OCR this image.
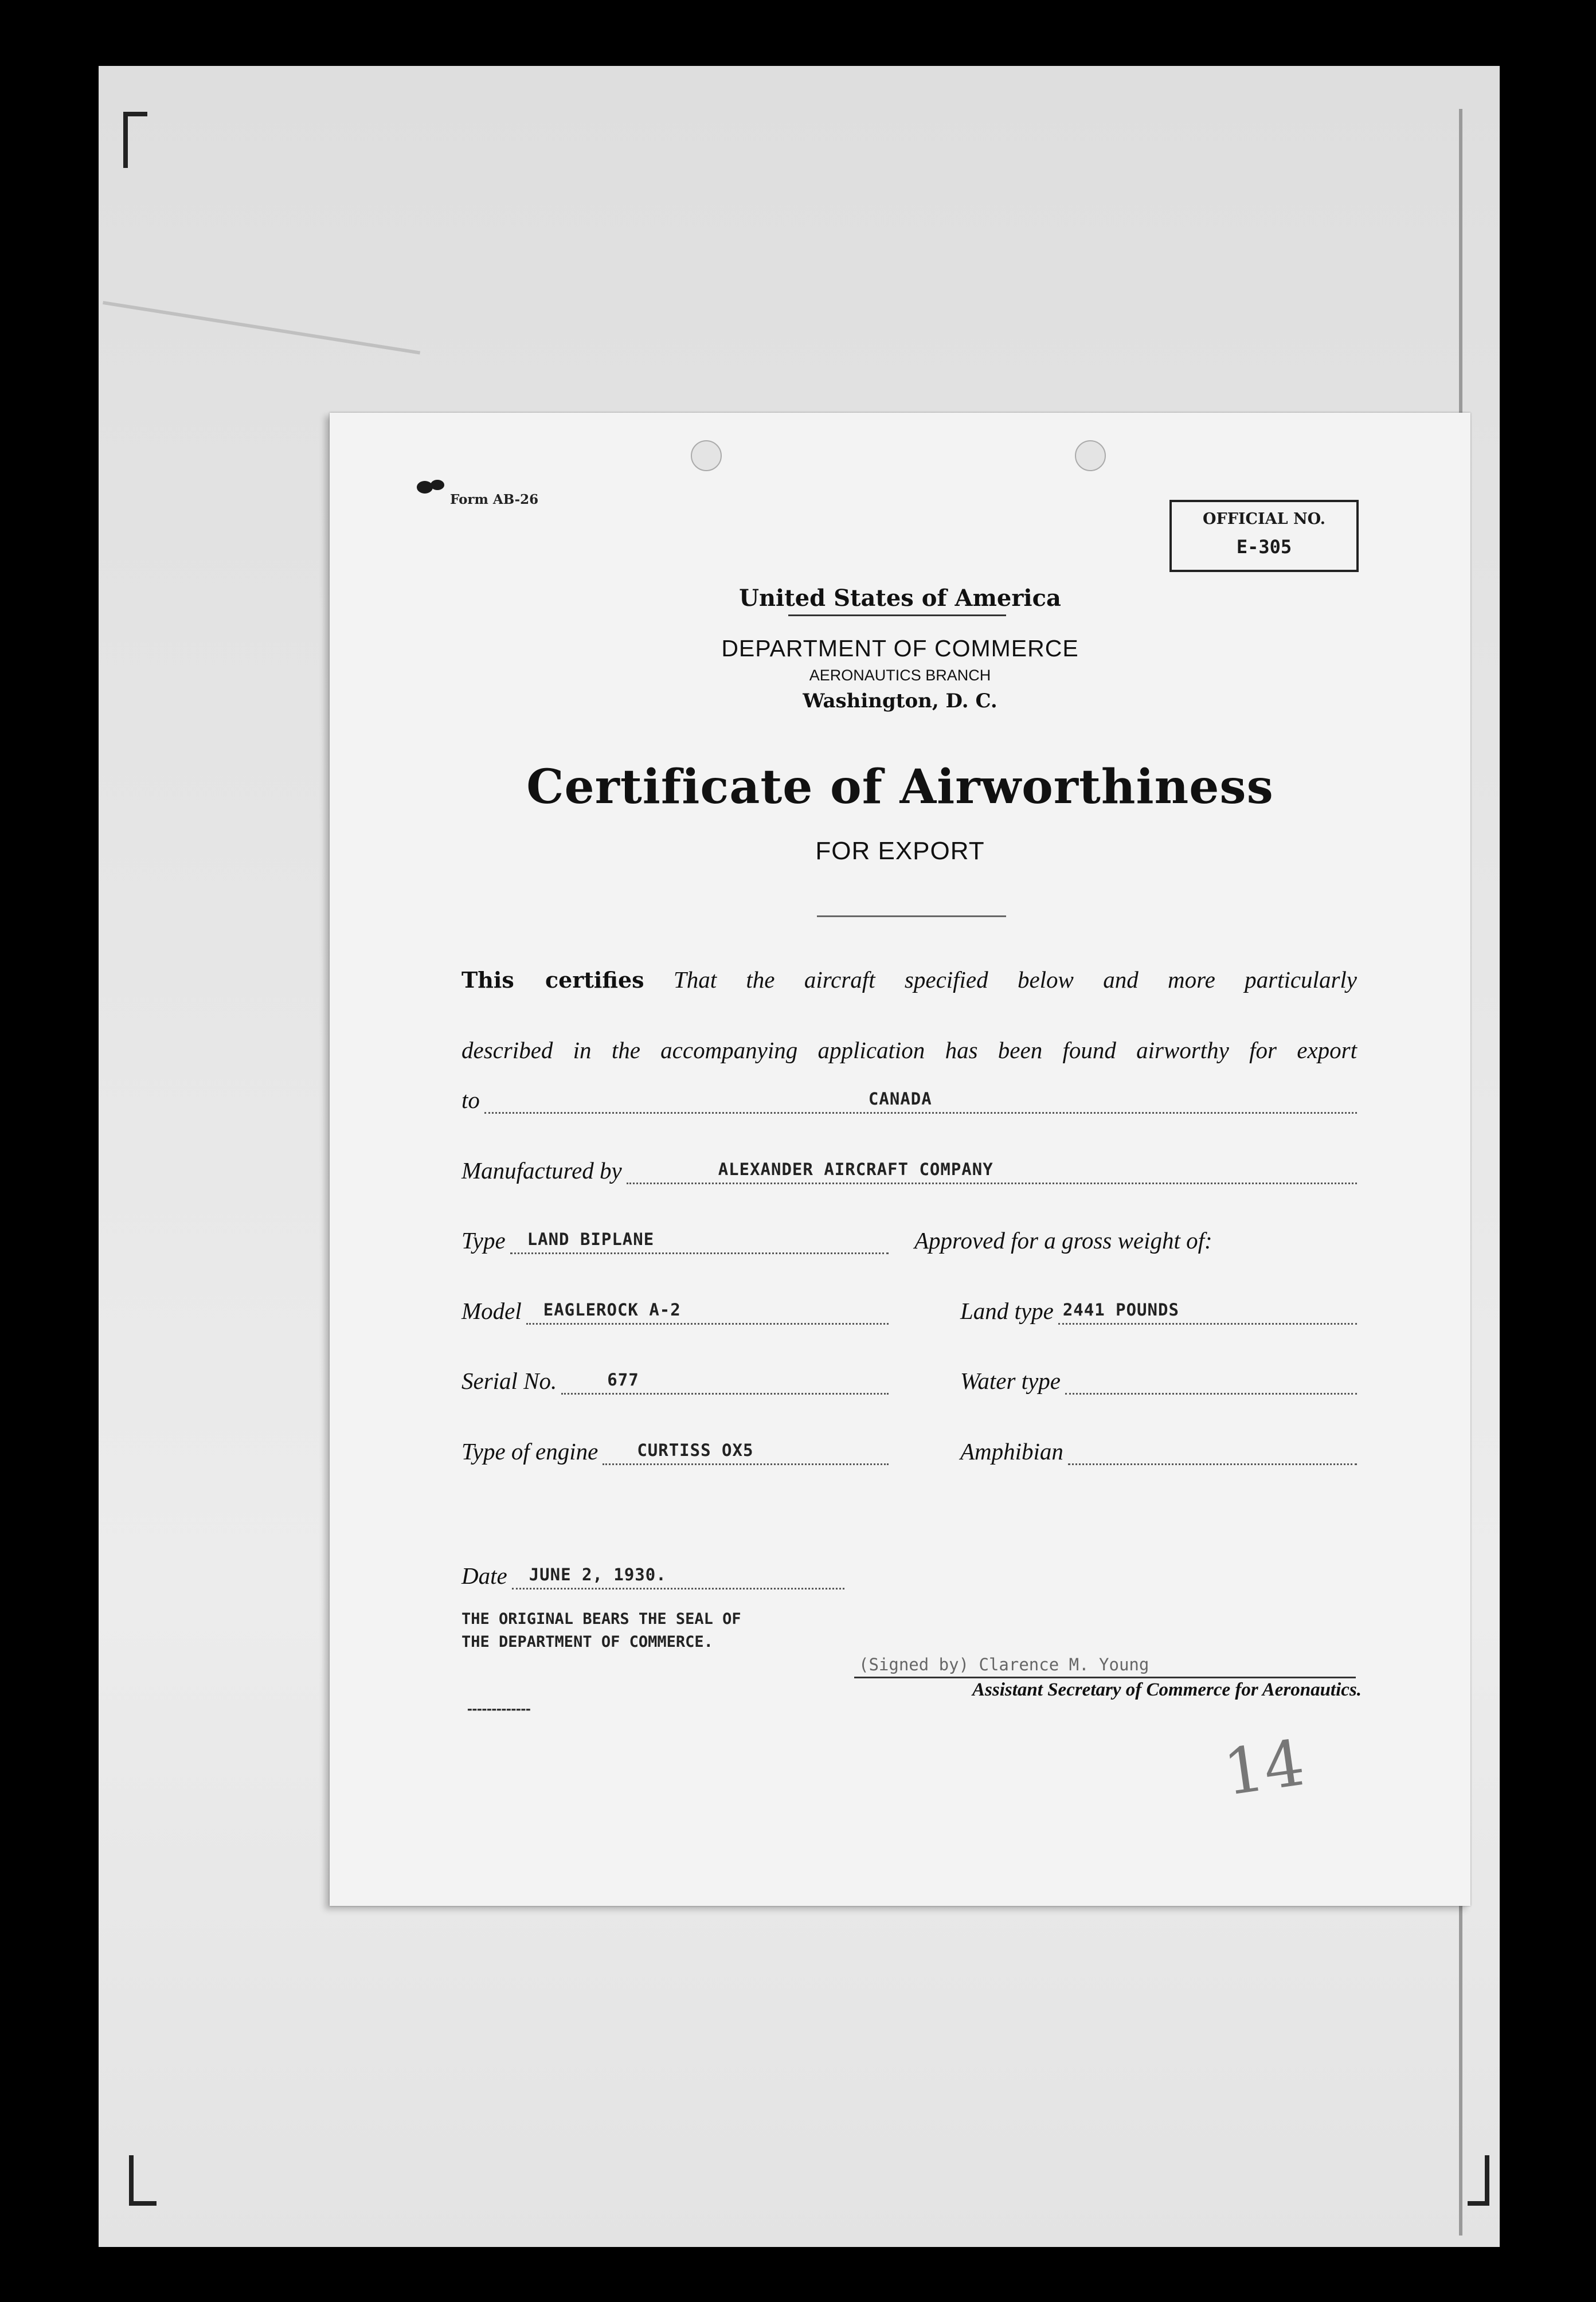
Form AB-26
OFFICIAL NO.
E-305
United States of America
DEPARTMENT OF COMMERCE
AERONAUTICS BRANCH
Washington, D. C.
Certificate of Airworthiness
FOR EXPORT
This certifies That the aircraft specified below and more particularly
described in the accompanying application has been found airworthy for export
to	CANADA
Manufactured by	ALEXANDER AIRCRAFT COMPANY
Type LAND BIPLANE	Approved for a gross weight of:
Model EAGLEROCK A-2	Land type 2441 POUNDS
Serial No.	677	Water type
Type of engine CURTISS OX5	Amphibian
Date JUNE 2, 1930.
THE ORIGINAL BEARS THE SEAL OF
THE DEPARTMENT OF COMMERCE.
(Signed by) Clarence M. Young
Assistant Secretary of Commerce for Aeronautics.
▬▬▬▬▬▬▬▬▬▬▬▬▬
14
